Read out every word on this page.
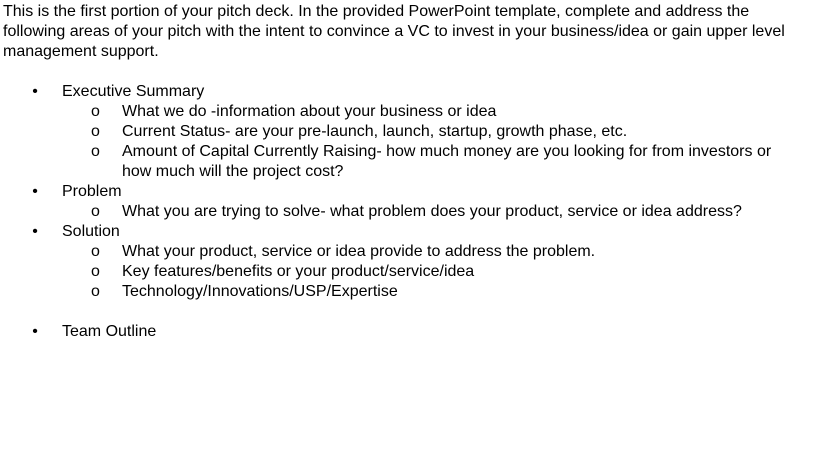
This is the first portion of your pitch deck. In the provided PowerPoint template, complete and address the following areas of your pitch with the intent to convince a VC to invest in your business/idea or gain upper level management support.

• Executive Summary
o What we do -information about your business or idea
o Current Status- are your pre-launch, launch, startup, growth phase, etc.
o Amount of Capital Currently Raising- how much money are you looking for from investors or how much will the project cost?
• Problem
o What you are trying to solve- what problem does your product, service or idea address?
• Solution
o What your product, service or idea provide to address the problem.
o Key features/benefits or your product/service/idea
o Technology/Innovations/USP/Expertise
• Team Outline
